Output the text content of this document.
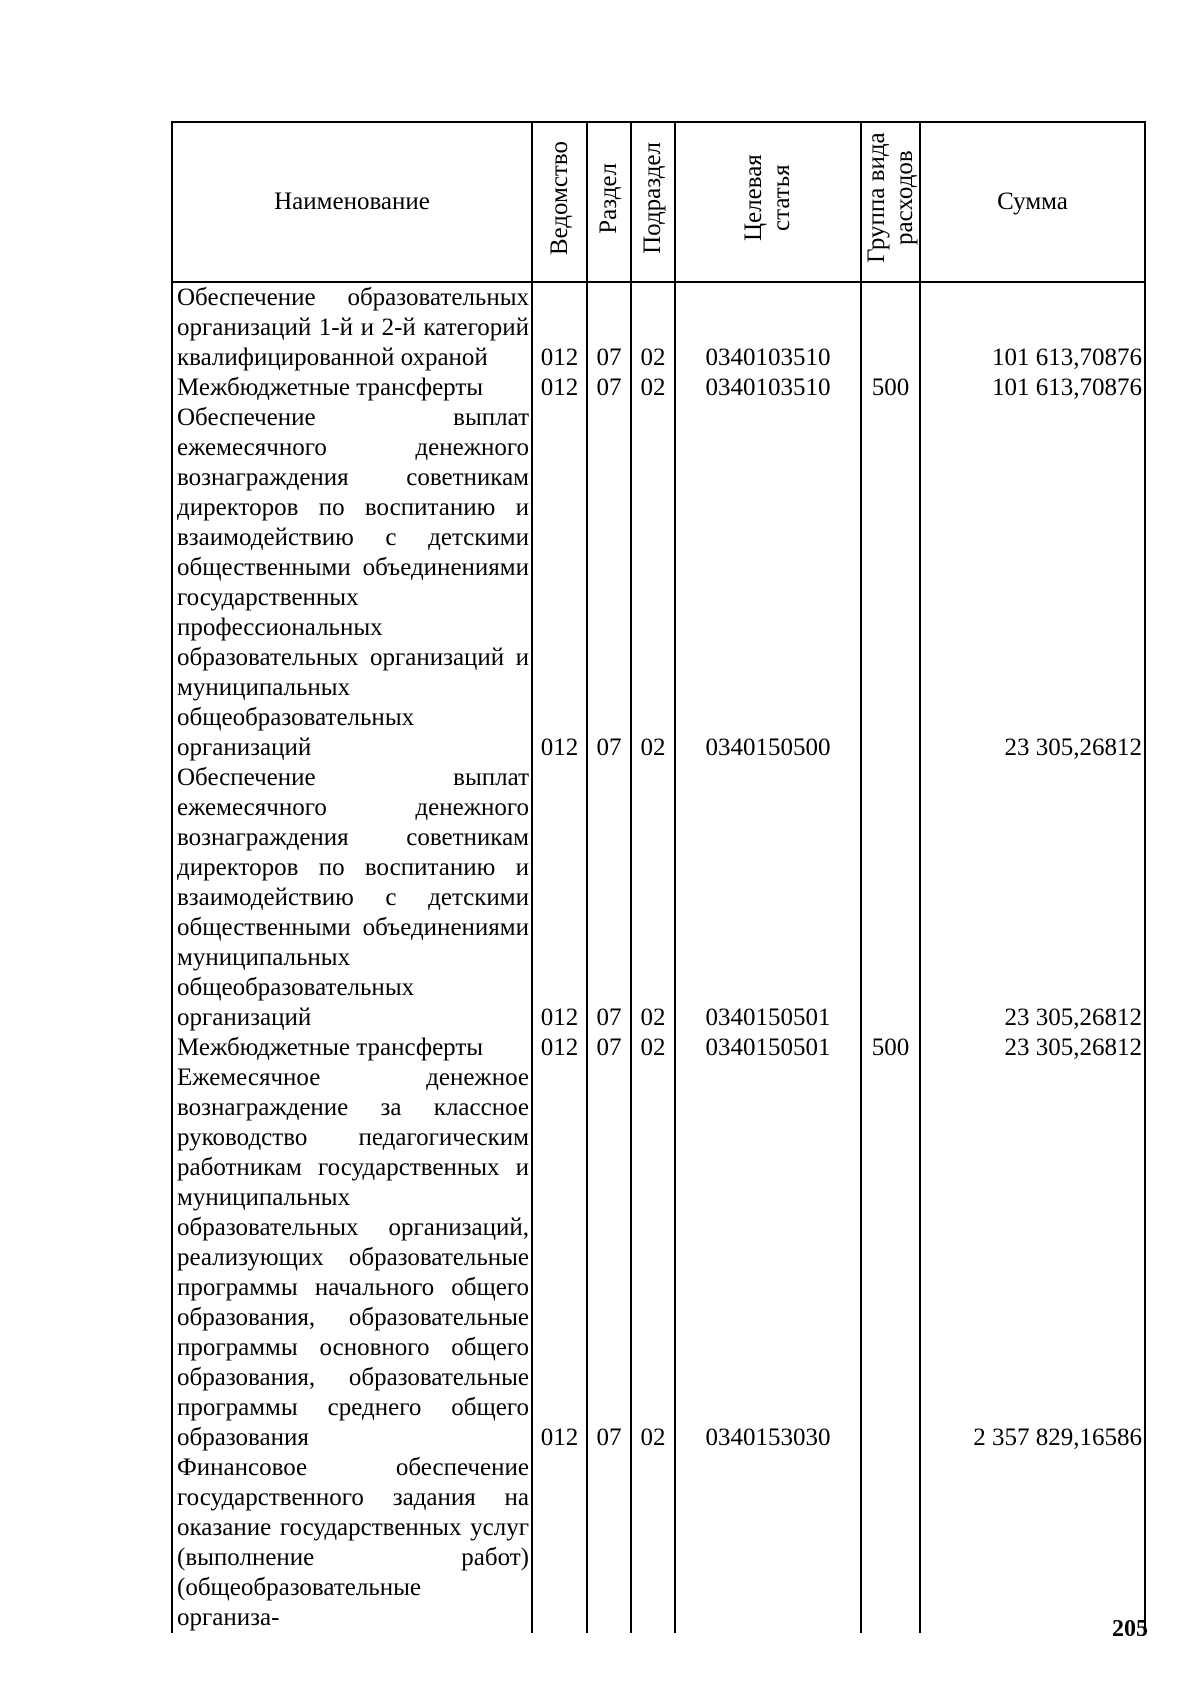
Наименование	Ведомство	Раздел	Подраздел	Целевая статья	Группа вида расходов	Сумма
Обеспечение образовательных организаций 1-й и 2-й категорий квалифицированной охраной	012	07	02	0340103510		101 613,70876
Межбюджетные трансферты	012	07	02	0340103510	500	101 613,70876
Обеспечение выплат ежемесячного денежного вознаграждения советникам директоров по воспитанию и взаимодействию с детскими общественными объединениями государственных профессиональных образовательных организаций и муниципальных общеобразовательных организаций	012	07	02	0340150500		23 305,26812
Обеспечение выплат ежемесячного денежного вознаграждения советникам директоров по воспитанию и взаимодействию с детскими общественными объединениями муниципальных общеобразовательных организаций	012	07	02	0340150501		23 305,26812
Межбюджетные трансферты	012	07	02	0340150501	500	23 305,26812
Ежемесячное денежное вознаграждение за классное руководство педагогическим работникам государственных и муниципальных образовательных организаций, реализующих образовательные программы начального общего образования, образовательные программы основного общего образования, образовательные программы среднего общего образования	012	07	02	0340153030		2 357 829,16586
Финансовое обеспечение государственного задания на оказание государственных услуг (выполнение работ) (общеобразовательные организа-							205
